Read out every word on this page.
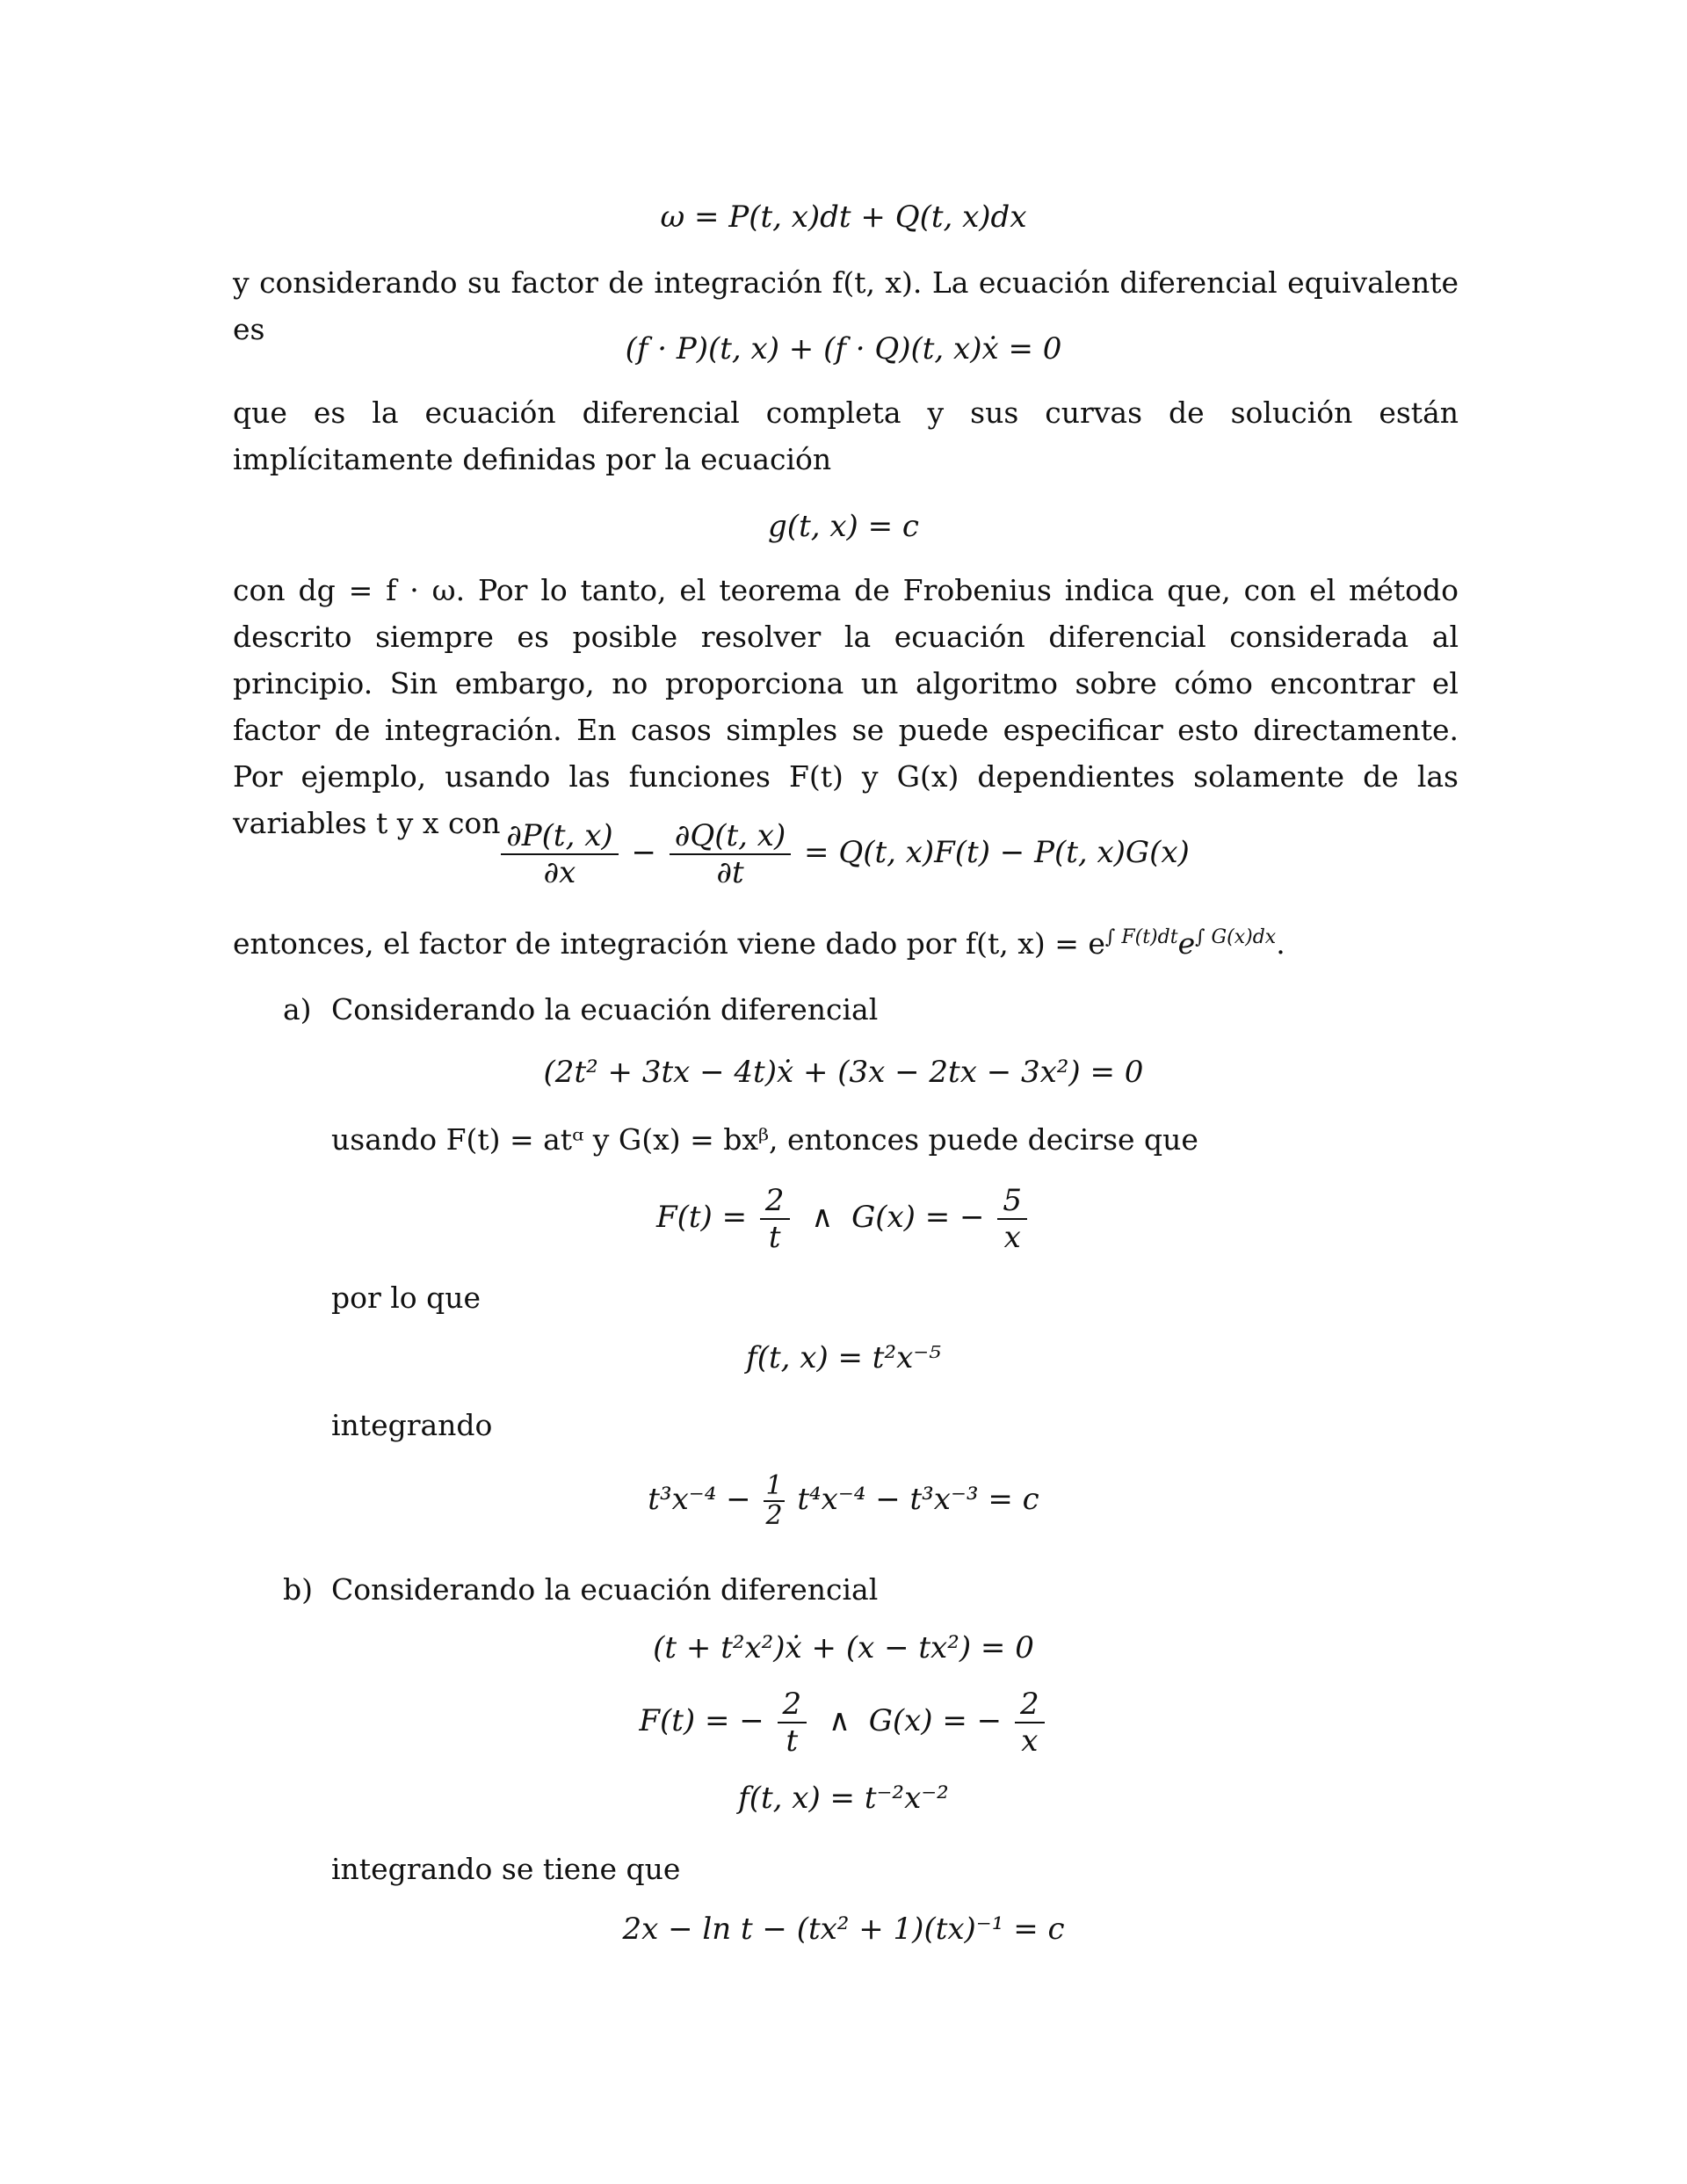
ω = P(t, x)dt + Q(t, x)dx
y considerando su factor de integración f(t, x). La ecuación diferencial equivalente es
(f · P)(t, x) + (f · Q)(t, x)ẋ = 0
que es la ecuación diferencial completa y sus curvas de solución están implícitamente definidas por la ecuación
g(t, x) = c
con dg = f · ω. Por lo tanto, el teorema de Frobenius indica que, con el método descrito siempre es posible resolver la ecuación diferencial considerada al principio. Sin embargo, no proporciona un algoritmo sobre cómo encontrar el factor de integración. En casos simples se puede especificar esto directamente. Por ejemplo, usando las funciones F(t) y G(x) dependientes solamente de las variables t y x con $\frac{\partial P(t, x)}{\partial x} - \frac{\partial Q(t, x)}{\partial t} = Q(t$, x)F(t) − P(t, x)G(x)
entonces, el factor de integración viene dado por f(t, $x) = e^{\int F(t)dt}e^{\int G(x)dx}$.
a) Considerando la ecuación diferencial
(2t² + 3tx − 4t)ẋ + (3x − 2tx − 3x²) = 0
usando F(t) = atᵅ y G(x) = bxᵝ, entonces puede decirse que
$F(t) = \frac{2}{t}$ ∧ G(x) = − $\frac{5}{x}$
por lo que
f(t, x) = t²x⁻⁵
integrando
$t^3x^{-4} - \frac{1}{2} t^4x^{-4} - t^3x^{-3} = c$
b) Considerando la ecuación diferencial
(t + t²x²)ẋ + (x − tx²) = 0
F(t) = − $\frac{2}{t}$ ∧ G(x) = − $\frac{2}{x}$
f(t, x) = t⁻²x⁻²
integrando se tiene que
2x − ln t − (tx² + 1)(tx)⁻¹ = c
